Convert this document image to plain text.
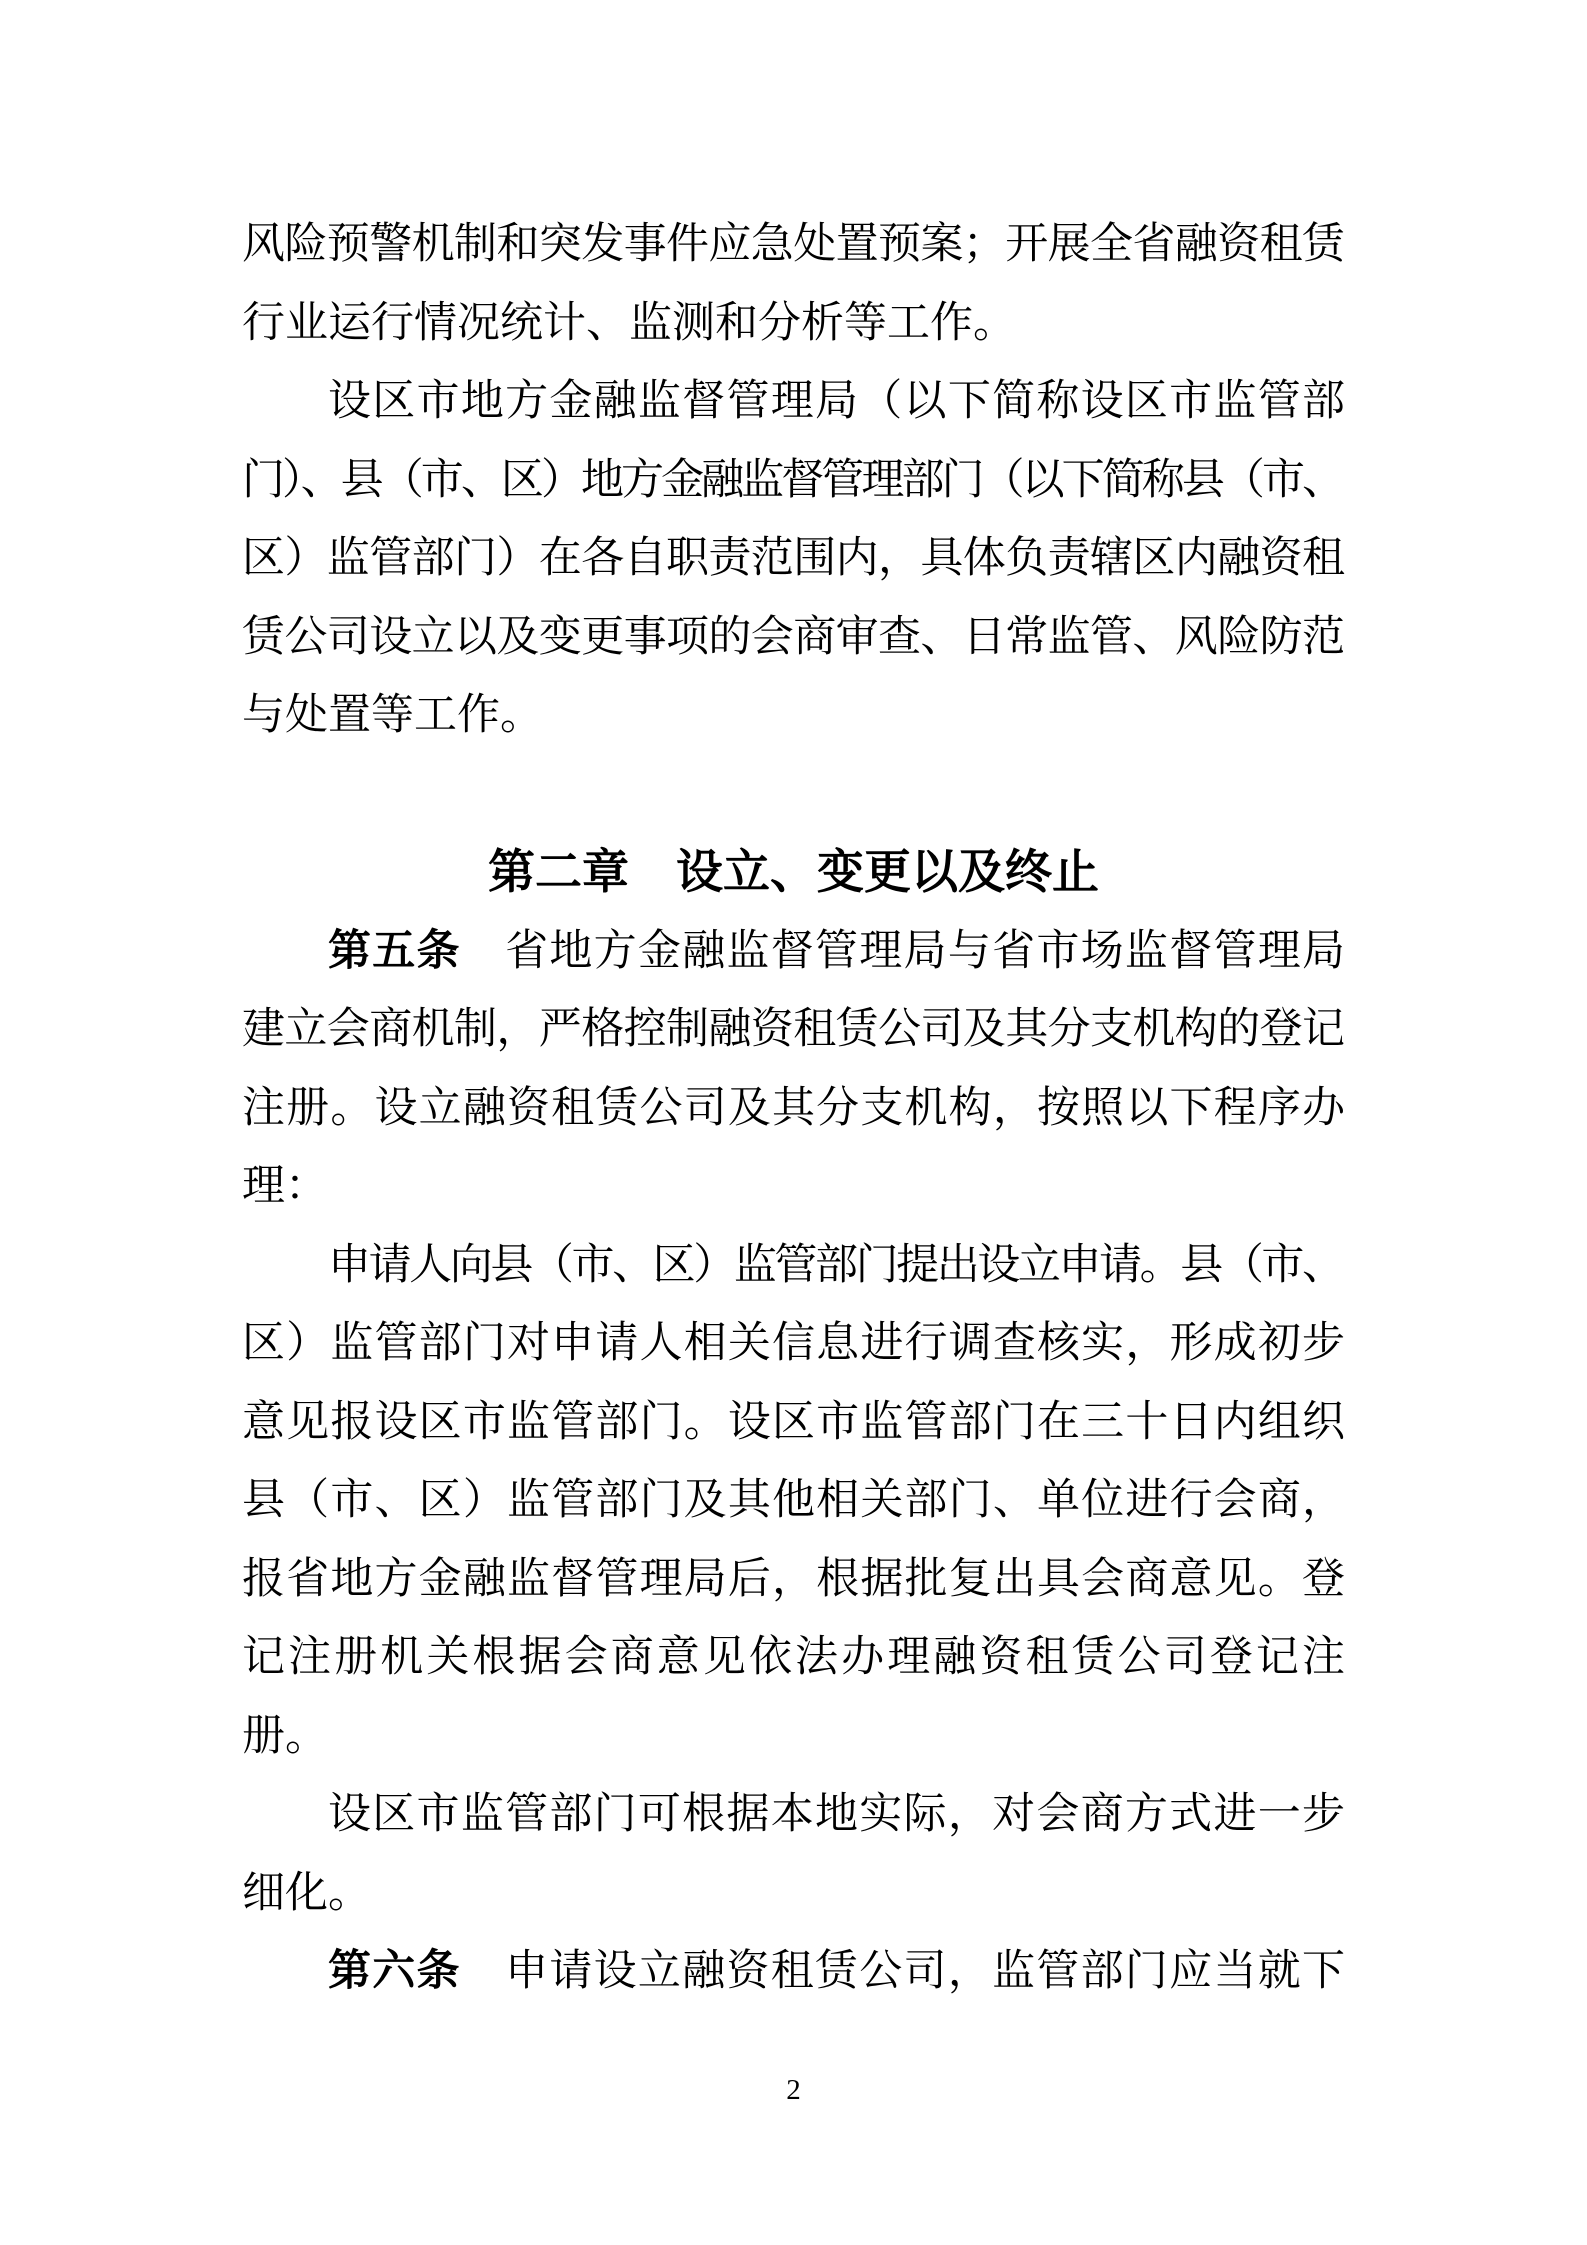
风险预警机制和突发事件应急处置预案；开展全省融资租赁
行业运行情况统计、监测和分析等工作。
设区市地方金融监督管理局（以下简称设区市监管部
门）、县（市、区）地方金融监督管理部门（以下简称县（市、
区）监管部门）在各自职责范围内，具体负责辖区内融资租
赁公司设立以及变更事项的会商审查、日常监管、风险防范
与处置等工作。
第二章　设立、变更以及终止
第五条　省地方金融监督管理局与省市场监督管理局
建立会商机制，严格控制融资租赁公司及其分支机构的登记
注册。设立融资租赁公司及其分支机构，按照以下程序办
理：
申请人向县（市、区）监管部门提出设立申请。县（市、
区）监管部门对申请人相关信息进行调查核实，形成初步
意见报设区市监管部门。设区市监管部门在三十日内组织
县（市、区）监管部门及其他相关部门、单位进行会商，
报省地方金融监督管理局后，根据批复出具会商意见。登
记注册机关根据会商意见依法办理融资租赁公司登记注
册。
设区市监管部门可根据本地实际，对会商方式进一步
细化。
第六条　申请设立融资租赁公司，监管部门应当就下
2
